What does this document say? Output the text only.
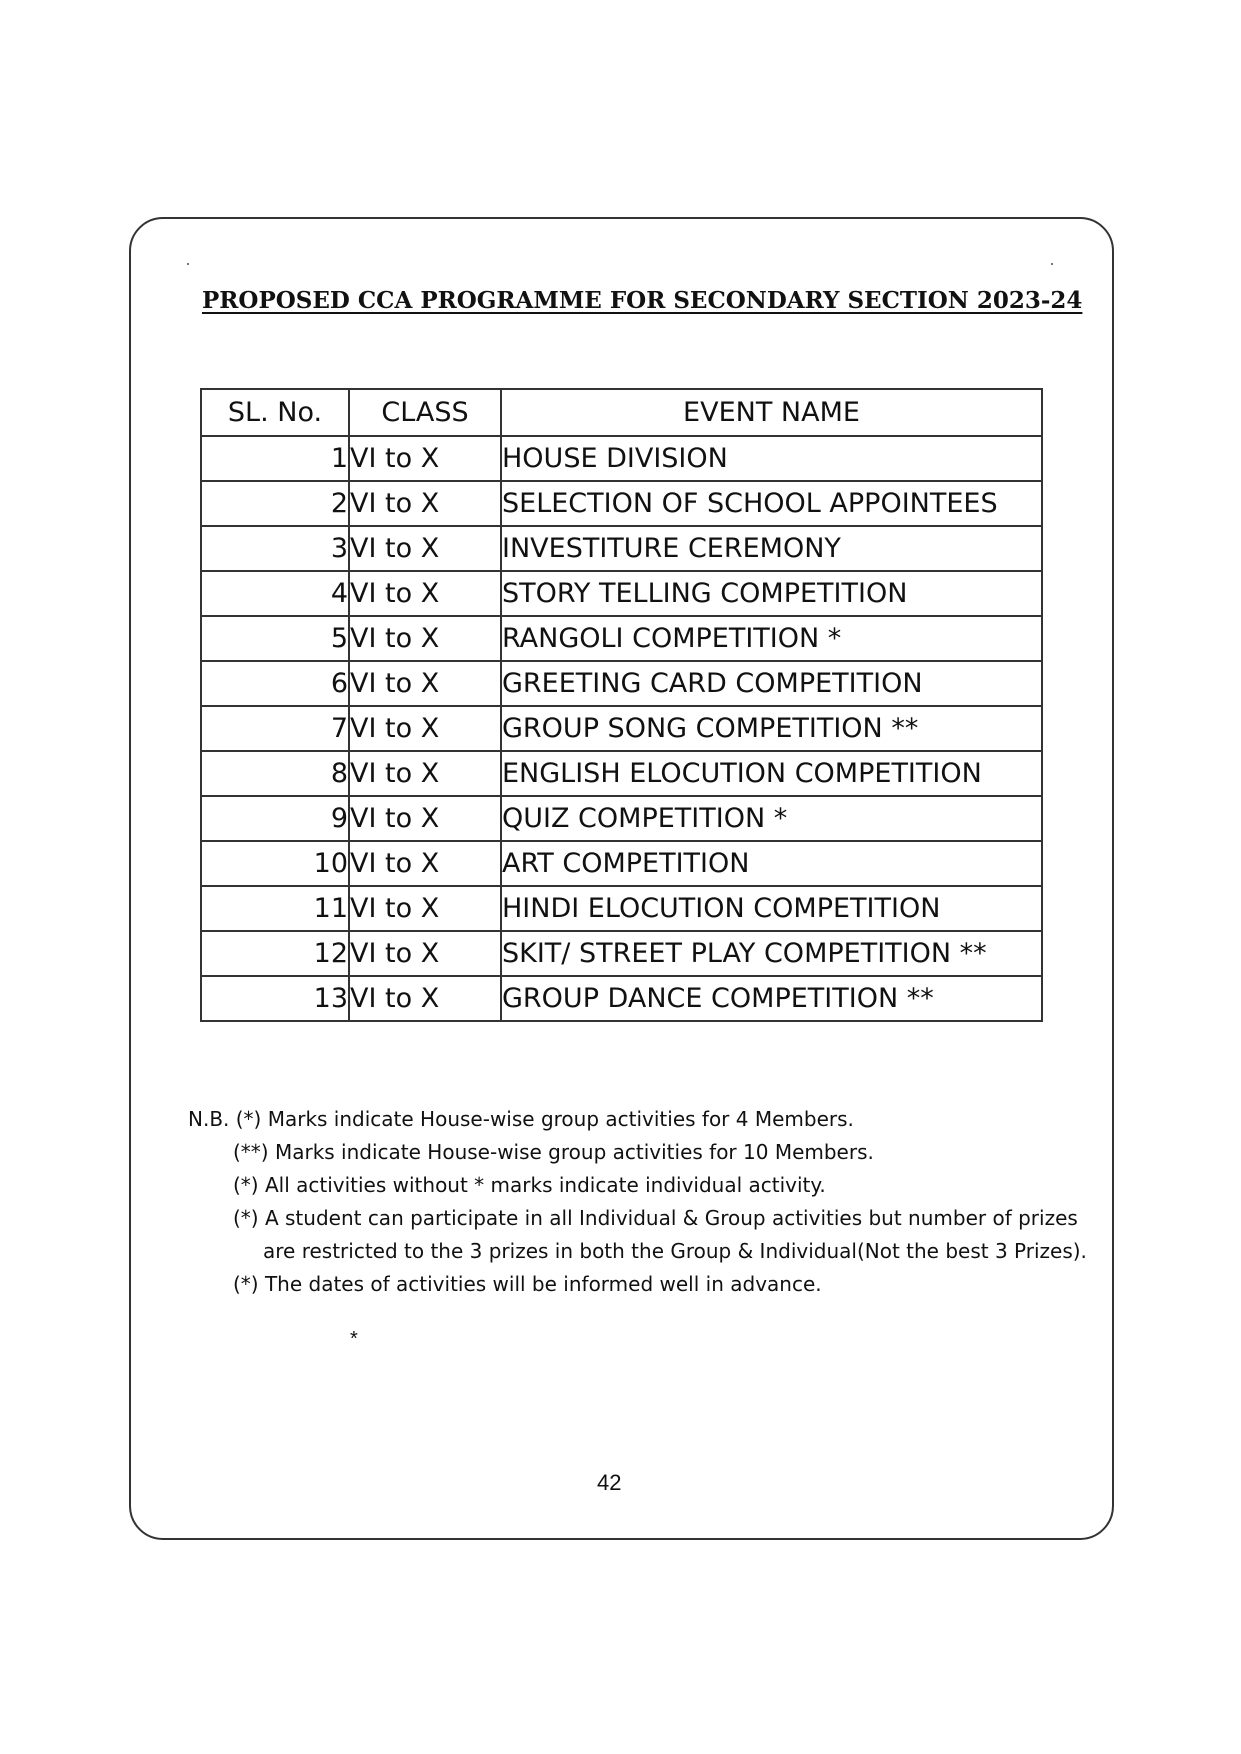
PROPOSED CCA PROGRAMME FOR SECONDARY SECTION 2023-24
SL. No.	CLASS	EVENT NAME
1	VI to X	HOUSE DIVISION
2	VI to X	SELECTION OF SCHOOL APPOINTEES
3	VI to X	INVESTITURE CEREMONY
4	VI to X	STORY TELLING COMPETITION
5	VI to X	RANGOLI COMPETITION *
6	VI to X	GREETING CARD COMPETITION
7	VI to X	GROUP SONG COMPETITION **
8	VI to X	ENGLISH ELOCUTION COMPETITION
9	VI to X	QUIZ COMPETITION *
10	VI to X	ART COMPETITION
11	VI to X	HINDI ELOCUTION COMPETITION
12	VI to X	SKIT/ STREET PLAY COMPETITION **
13	VI to X	GROUP DANCE COMPETITION **
N.B. (*) Marks indicate House-wise group activities for 4 Members.
(**) Marks indicate House-wise group activities for 10 Members.
(*) All activities without * marks indicate individual activity.
(*) A student can participate in all Individual & Group activities but number of prizes
are restricted to the 3 prizes in both the Group & Individual(Not the best 3 Prizes).
(*) The dates of activities will be informed well in advance.
*
42
